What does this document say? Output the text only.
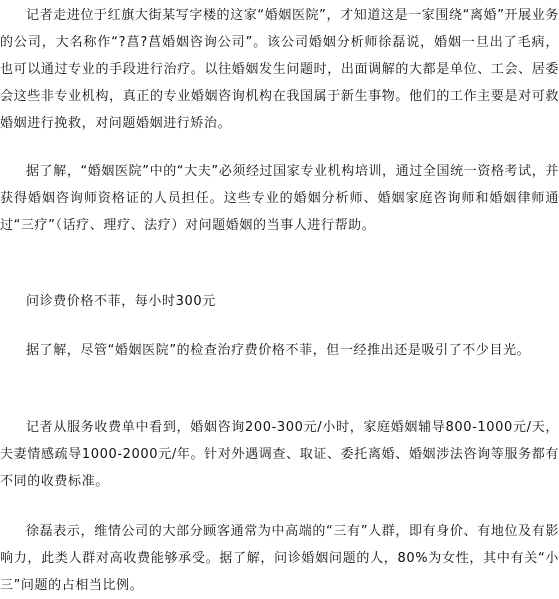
记者走进位于红旗大街某写字楼的这家“婚姻医院”，才知道这是一家围绕“离婚”开展业务的公司，大名称作“?菖?菖婚姻咨询公司”。该公司婚姻分析师徐磊说，婚姻一旦出了毛病，也可以通过专业的手段进行治疗。以往婚姻发生问题时，出面调解的大都是单位、工会、居委会这些非专业机构，真正的专业婚姻咨询机构在我国属于新生事物。他们的工作主要是对可救婚姻进行挽救，对问题婚姻进行矫治。

据了解，“婚姻医院”中的“大夫”必须经过国家专业机构培训，通过全国统一资格考试，并获得婚姻咨询师资格证的人员担任。这些专业的婚姻分析师、婚姻家庭咨询师和婚姻律师通过“三疗”（话疗、理疗、法疗）对问题婚姻的当事人进行帮助。

问诊费价格不菲，每小时300元

据了解，尽管“婚姻医院”的检查治疗费价格不菲，但一经推出还是吸引了不少目光。

记者从服务收费单中看到，婚姻咨询200-300元/小时，家庭婚姻辅导800-1000元/天，夫妻情感疏导1000-2000元/年。针对外遇调查、取证、委托离婚、婚姻涉法咨询等服务都有不同的收费标准。

徐磊表示，维情公司的大部分顾客通常为中高端的“三有”人群，即有身价、有地位及有影响力，此类人群对高收费能够承受。据了解，问诊婚姻问题的人，80%为女性，其中有关“小三”问题的占相当比例。
